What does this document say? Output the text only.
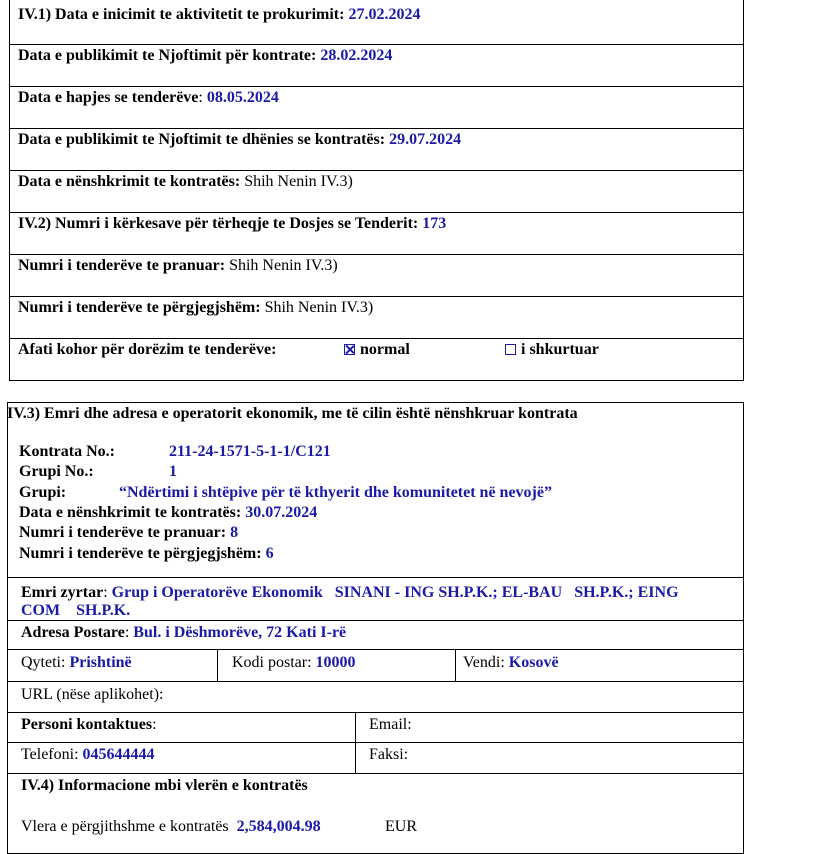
IV.1) Data e inicimit te aktivitetit te prokurimit: 27.02.2024
Data e publikimit te Njoftimit për kontrate: 28.02.2024
Data e hapjes se tenderëve: 08.05.2024
Data e publikimit te Njoftimit te dhënies se kontratës: 29.07.2024
Data e nënshkrimit te kontratës: Shih Nenin IV.3)
IV.2) Numri i kërkesave për tërheqje te Dosjes se Tenderit: 173
Numri i tenderëve te pranuar: Shih Nenin IV.3)
Numri i tenderëve te përgjegjshëm: Shih Nenin IV.3)
Afati kohor për dorëzim te tenderëve:	normal	i shkurtuar
IV.3) Emri dhe adresa e operatorit ekonomik, me të cilin është nënshkruar kontrata
Kontrata No.:	211-24-1571-5-1-1/C121
Grupi No.:	1
Grupi:	“Ndërtimi i shtëpive për të kthyerit dhe komunitetet në nevojë”
Data e nënshkrimit te kontratës: 30.07.2024
Numri i tenderëve te pranuar: 8
Numri i tenderëve te përgjegjshëm: 6
Emri zyrtar: Grup i Operatorëve Ekonomik   SINANI - ING SH.P.K.; EL-BAU   SH.P.K.; EING
COM    SH.P.K.
Adresa Postare: Bul. i Dëshmorëve, 72 Kati I-rë
Qyteti: Prishtinë	Kodi postar: 10000	Vendi: Kosovë
URL (nëse aplikohet):
Personi kontaktues:	Email:
Telefoni: 045644444	Faksi:
IV.4) Informacione mbi vlerën e kontratës
Vlera e përgjithshme e kontratës 2,584,004.98	EUR
